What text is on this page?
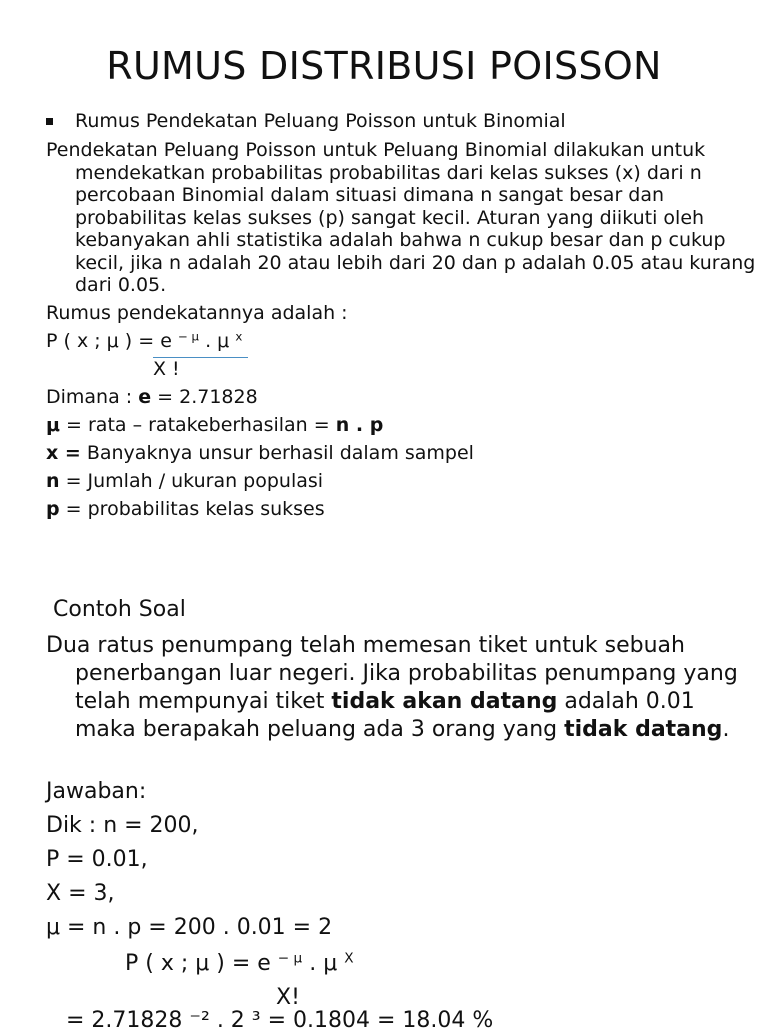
RUMUS DISTRIBUSI POISSON
Rumus Pendekatan Peluang Poisson untuk Binomial
Pendekatan Peluang Poisson untuk Peluang Binomial dilakukan untuk mendekatkan probabilitas probabilitas dari kelas sukses (x) dari n percobaan Binomial dalam situasi dimana n sangat besar dan probabilitas kelas sukses (p) sangat kecil. Aturan yang diikuti oleh kebanyakan ahli statistika adalah bahwa n cukup besar dan p cukup kecil, jika n adalah 20 atau lebih dari 20 dan p adalah 0.05 atau kurang dari 0.05.
Rumus pendekatannya adalah :
P ( x ; μ ) = e $^{- \mu}$ . μ $^x$
X !
Dimana : e = 2.71828
μ = rata – ratakeberhasilan = n . p
x = Banyaknya unsur berhasil dalam sampel
n = Jumlah / ukuran populasi
p = probabilitas kelas sukses
Contoh Soal
Dua ratus penumpang telah memesan tiket untuk sebuah penerbangan luar negeri. Jika probabilitas penumpang yang telah mempunyai tiket tidak akan datang adalah 0.01 maka berapakah peluang ada 3 orang yang tidak datang.
Jawaban:
Dik : n = 200,
P = 0.01,
X = 3,
μ = n . p = 200 . 0.01 = 2
P ( x ; μ ) = e $^{- \mu}$ . μ $^X$
X!
= 2.71828 ⁻² . 2 ³ = 0.1804 = 18.04 %
